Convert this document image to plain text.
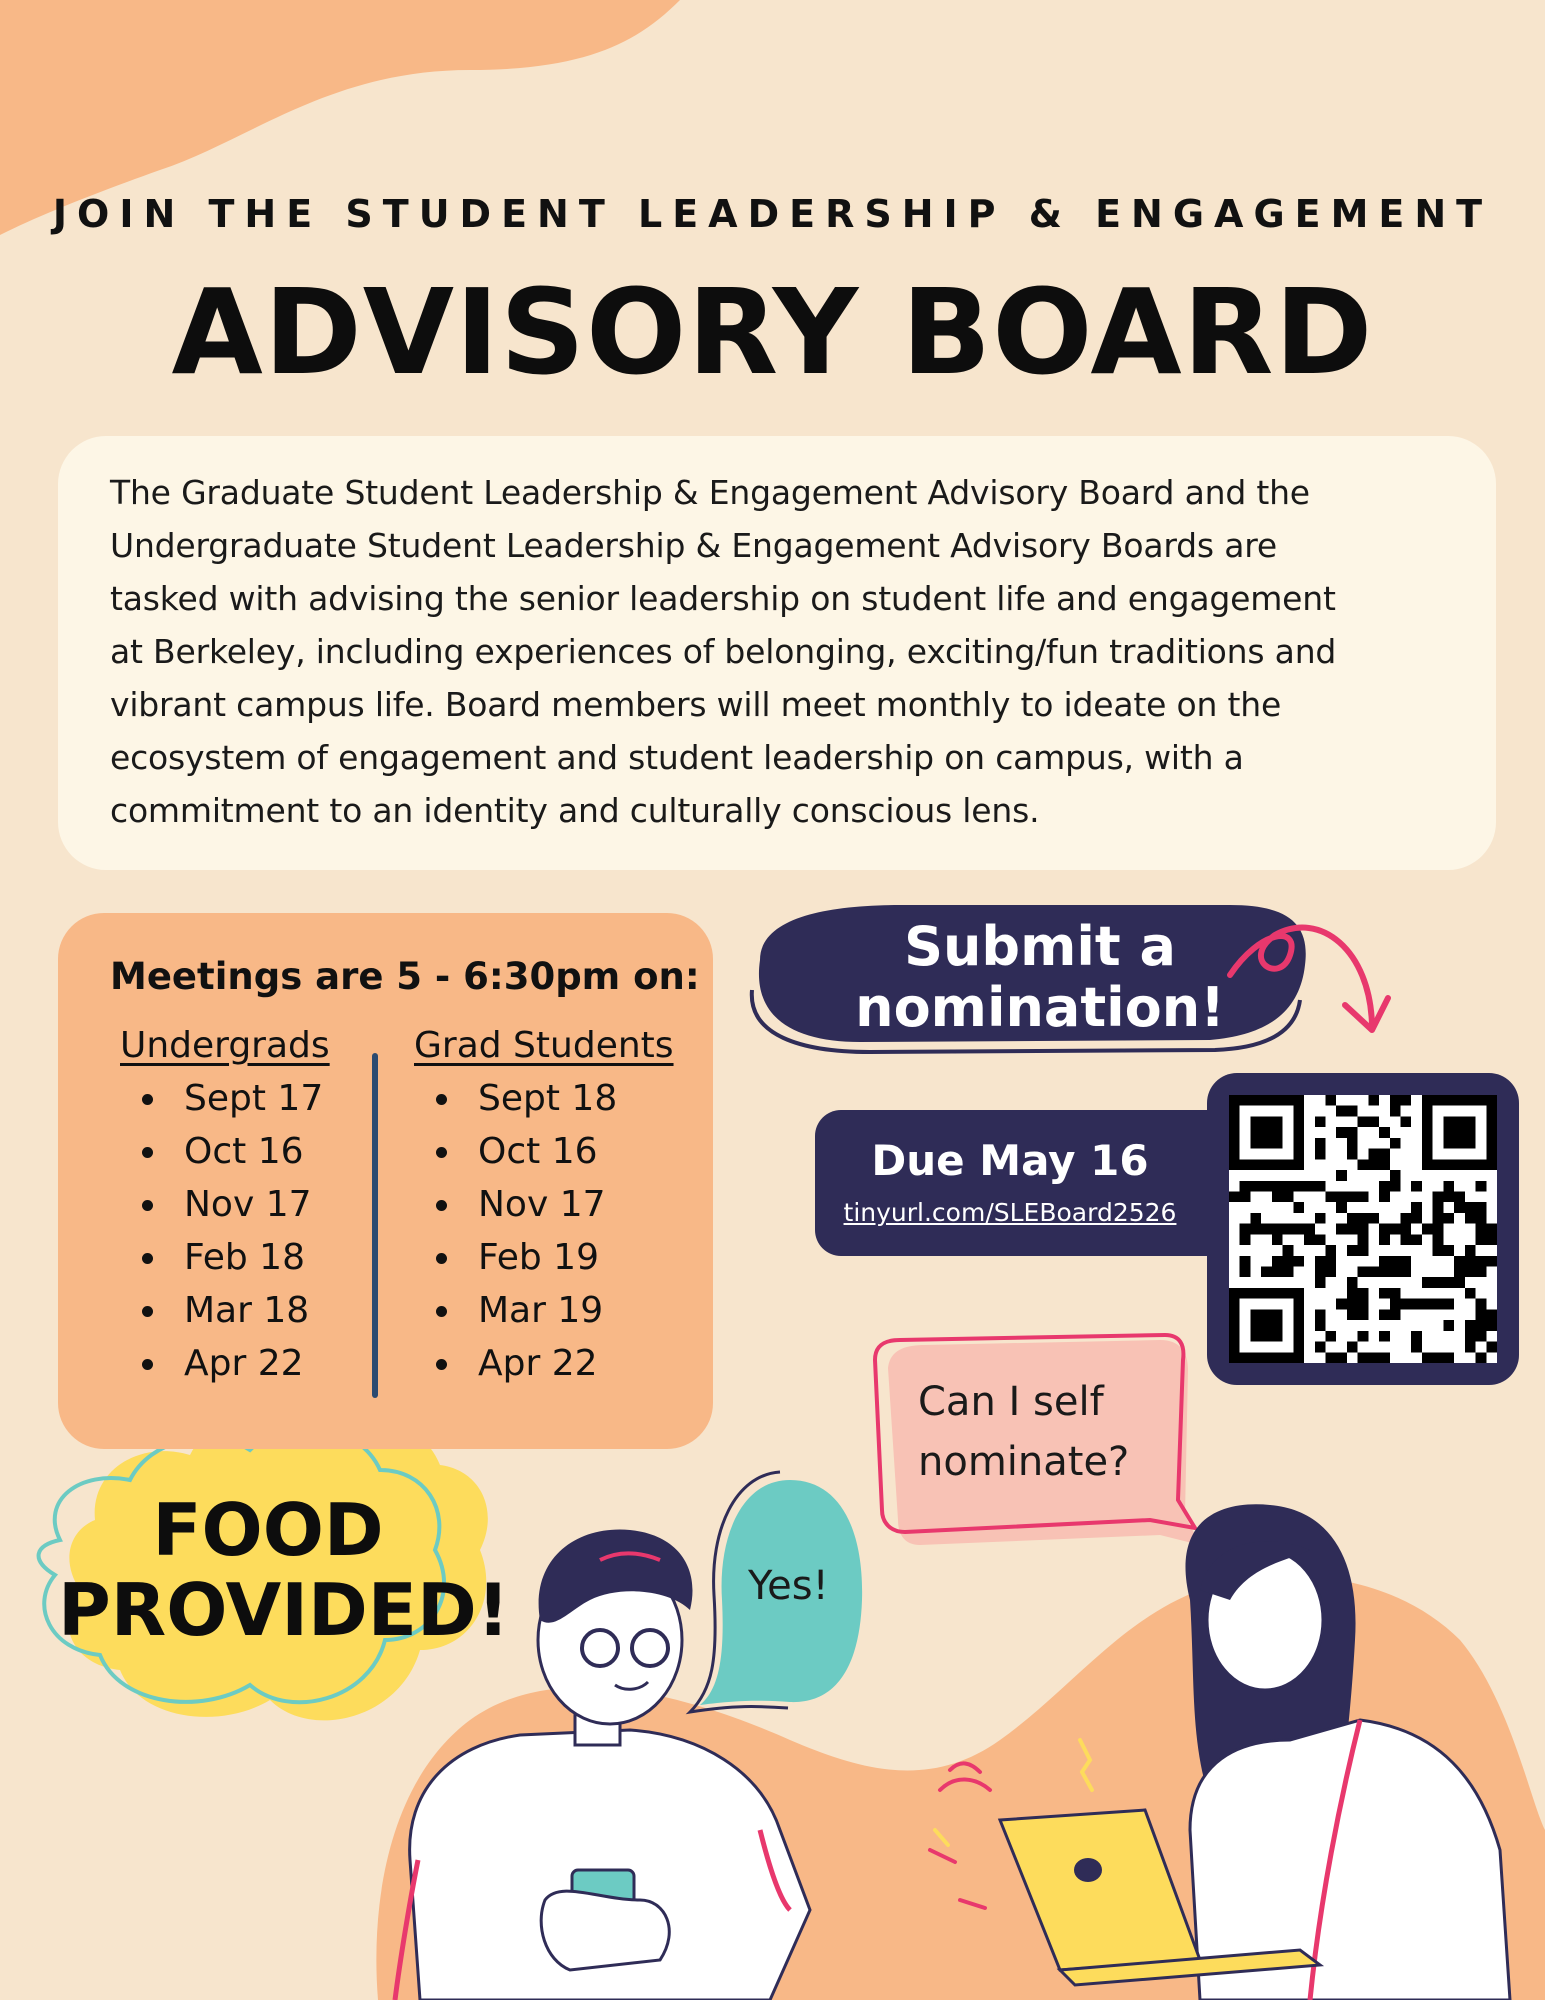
JOIN THE STUDENT LEADERSHIP & ENGAGEMENT
ADVISORY BOARD
The Graduate Student Leadership & Engagement Advisory Board and the
Undergraduate Student Leadership & Engagement Advisory Boards are
tasked with advising the senior leadership on student life and engagement
at Berkeley, including experiences of belonging, exciting/fun traditions and
vibrant campus life. Board members will meet monthly to ideate on the
ecosystem of engagement and student leadership on campus, with a
commitment to an identity and culturally conscious lens.
Meetings are 5 - 6:30pm on:
Undergrads
• Sept 17
• Oct 16
• Nov 17
• Feb 18
• Mar 18
• Apr 22
Grad Students
• Sept 18
• Oct 16
• Nov 17
• Feb 19
• Mar 19
• Apr 22
Submit a
nomination!
Due May 16
tinyurl.com/SLEBoard2526
Can I self
nominate?
Yes!
FOOD
PROVIDED!
